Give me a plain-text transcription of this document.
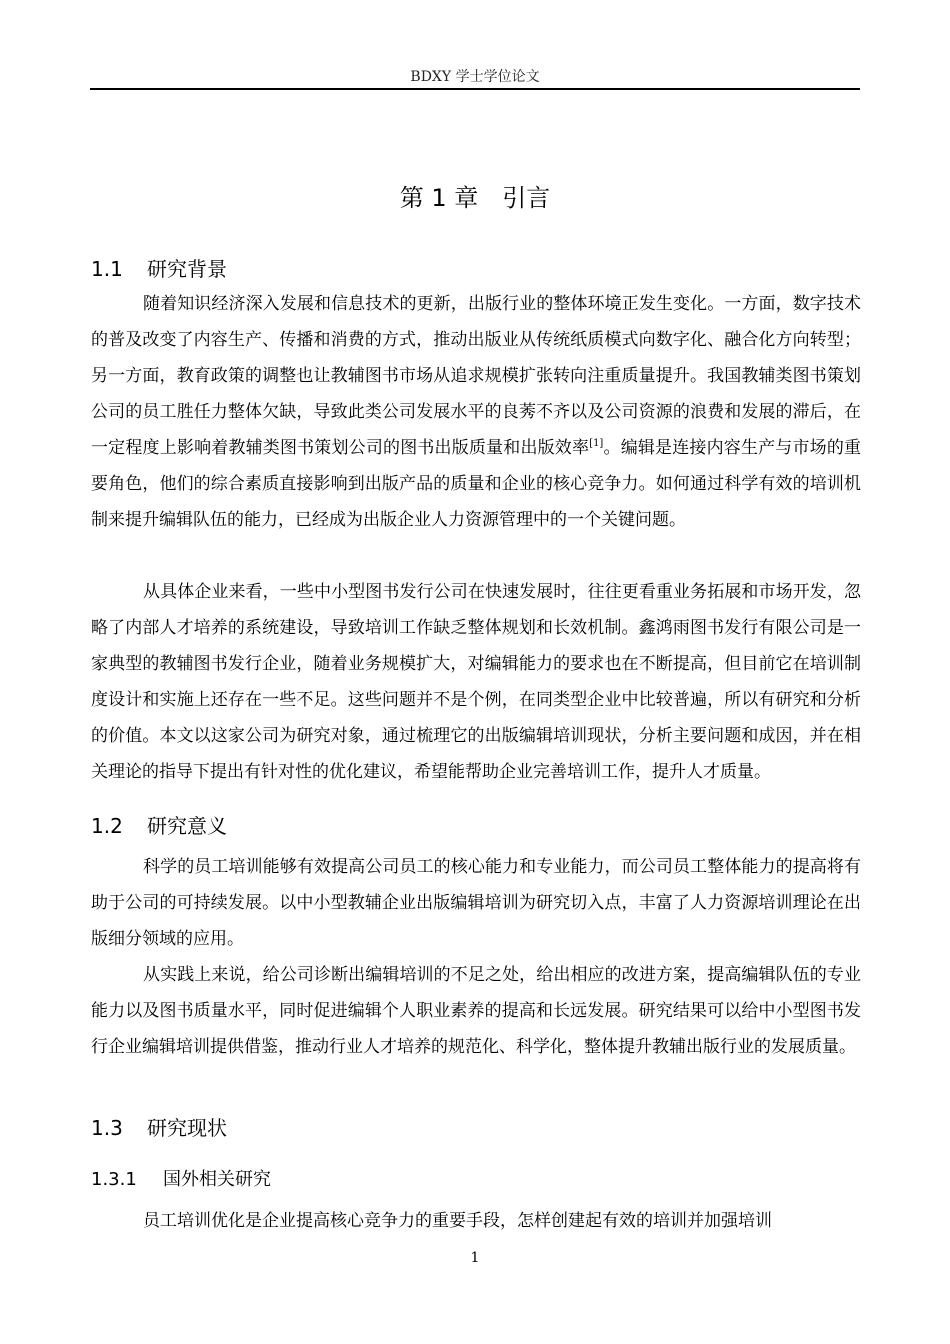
BDXY 学士学位论文
第 1 章 引言
1.1 研究背景

随着知识经济深入发展和信息技术的更新，出版行业的整体环境正发生变化。一方面，数字技术的普及改变了内容生产、传播和消费的方式，推动出版业从传统纸质模式向数字化、融合化方向转型；另一方面，教育政策的调整也让教辅图书市场从追求规模扩张转向注重质量提升。我国教辅类图书策划公司的员工胜任力整体欠缺，导致此类公司发展水平的良莠不齐以及公司资源的浪费和发展的滞后，在一定程度上影响着教辅类图书策划公司的图书出版质量和出版效率[1]。编辑是连接内容生产与市场的重要角色，他们的综合素质直接影响到出版产品的质量和企业的核心竞争力。如何通过科学有效的培训机制来提升编辑队伍的能力，已经成为出版企业人力资源管理中的一个关键问题。

从具体企业来看，一些中小型图书发行公司在快速发展时，往往更看重业务拓展和市场开发，忽略了内部人才培养的系统建设，导致培训工作缺乏整体规划和长效机制。鑫鸿雨图书发行有限公司是一家典型的教辅图书发行企业，随着业务规模扩大，对编辑能力的要求也在不断提高，但目前它在培训制度设计和实施上还存在一些不足。这些问题并不是个例，在同类型企业中比较普遍，所以有研究和分析的价值。本文以这家公司为研究对象，通过梳理它的出版编辑培训现状，分析主要问题和成因，并在相关理论的指导下提出有针对性的优化建议，希望能帮助企业完善培训工作，提升人才质量。

1.2 研究意义

科学的员工培训能够有效提高公司员工的核心能力和专业能力，而公司员工整体能力的提高将有助于公司的可持续发展。以中小型教辅企业出版编辑培训为研究切入点，丰富了人力资源培训理论在出版细分领域的应用。

从实践上来说，给公司诊断出编辑培训的不足之处，给出相应的改进方案，提高编辑队伍的专业能力以及图书质量水平，同时促进编辑个人职业素养的提高和长远发展。研究结果可以给中小型图书发行企业编辑培训提供借鉴，推动行业人才培养的规范化、科学化，整体提升教辅出版行业的发展质量。

1.3 研究现状
1.3.1 国外相关研究

员工培训优化是企业提高核心竞争力的重要手段，怎样创建起有效的培训并加强培训

1
